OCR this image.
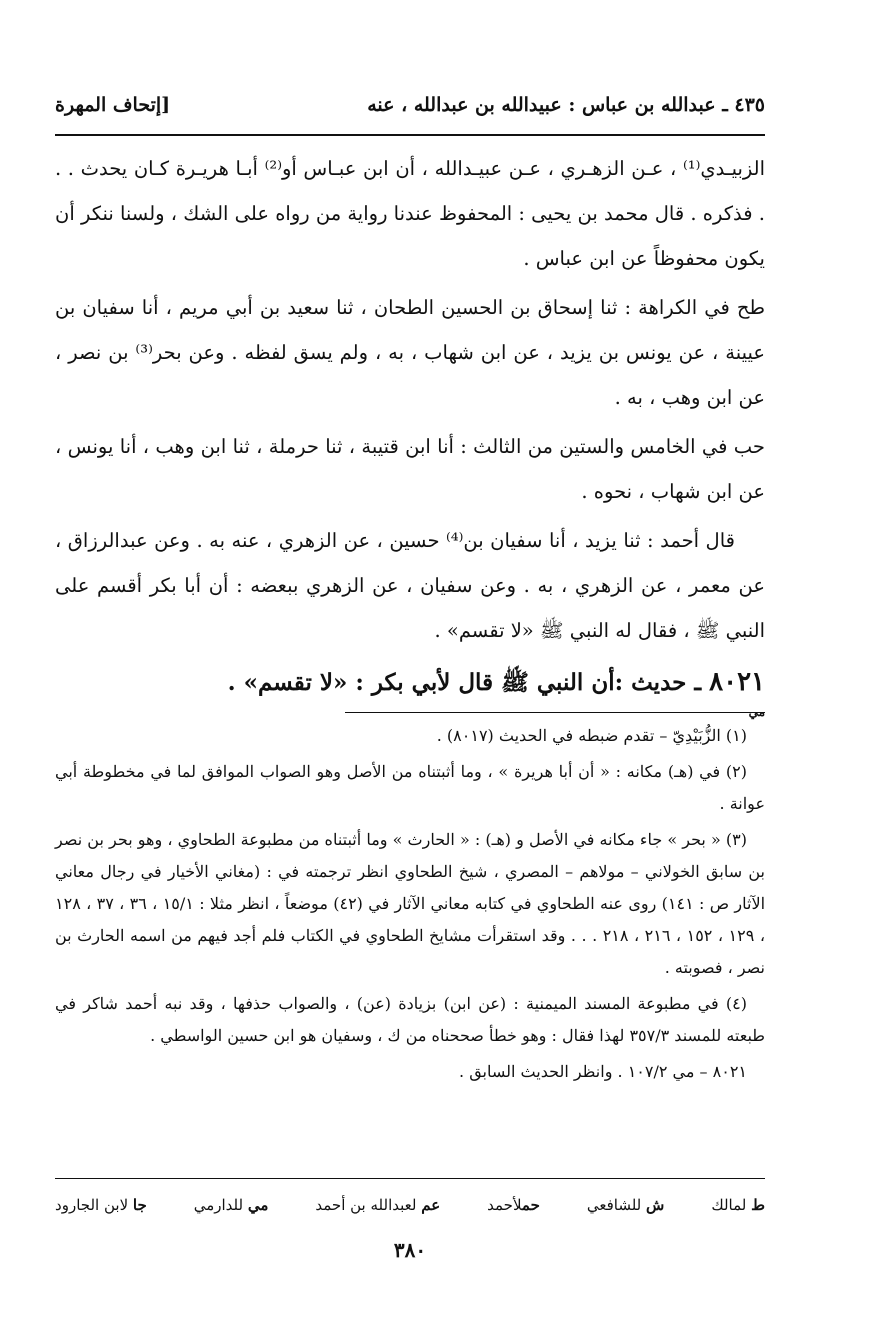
٤٣٥ ـ عبدالله بن عباس : عبيدالله بن عبدالله ، عنه
[إتحاف المهرة

الزبيـدي⁽¹⁾ ، عـن الزهـري ، عـن عبيـدالله ، أن ابن عبـاس أو⁽²⁾ أبـا هريـرة كـان يحدث . . . فذكره . قال محمد بن يحيى : المحفوظ عندنا رواية من رواه على الشك ، ولسنا ننكر أن يكون محفوظاً عن ابن عباس .

طح في الكراهة : ثنا إسحاق بن الحسين الطحان ، ثنا سعيد بن أبي مريم ، أنا سفيان بن عيينة ، عن يونس بن يزيد ، عن ابن شهاب ، به ، ولم يسق لفظه . وعن بحر⁽³⁾ بن نصر ، عن ابن وهب ، به .

حب في الخامس والستين من الثالث : أنا ابن قتيبة ، ثنا حرملة ، ثنا ابن وهب ، أنا يونس ، عن ابن شهاب ، نحوه .

قال أحمد : ثنا يزيد ، أنا سفيان بن⁽⁴⁾ حسين ، عن الزهري ، عنه به . وعن عبدالرزاق ، عن معمر ، عن الزهري ، به . وعن سفيان ، عن الزهري ببعضه : أن أبا بكر أقسم على النبي ﷺ ، فقال له النبي ﷺ «لا تقسم» .

٨٠٢١ ـ حديث :أن النبي ﷺ قال لأبي بكر : «لا تقسم» .
مي

(١) الزُّبَيْدِيّ – تقدم ضبطه في الحديث (٨٠١٧) .

(٢) في (هـ) مكانه : « أن أبا هريرة » ، وما أثبتناه من الأصل وهو الصواب الموافق لما في مخطوطة أبي عوانة .

(٣) « بحر » جاء مكانه في الأصل و (هـ) : « الحارث » وما أثبتناه من مطبوعة الطحاوي ، وهو بحر بن نصر بن سابق الخولاني – مولاهم – المصري ، شيخ الطحاوي انظر ترجمته في : (مغاني الأخيار في رجال معاني الآثار ص : ١٤١) روى عنه الطحاوي في كتابه معاني الآثار في (٤٢) موضعاً ، انظر مثلا : ١٥/١ ، ٣٦ ، ٣٧ ، ١٢٨ ، ١٢٩ ، ١٥٢ ، ٢١٦ ، ٢١٨ . . . وقد استقرأت مشايخ الطحاوي في الكتاب فلم أجد فيهم من اسمه الحارث بن نصر ، فصوبته .

(٤) في مطبوعة المسند الميمنية : (عن ابن) بزيادة (عن) ، والصواب حذفها ، وقد نبه أحمد شاكر في طبعته للمسند ٣٥٧/٣ لهذا فقال : وهو خطأ صححناه من ك ، وسفيان هو ابن حسين الواسطي .

٨٠٢١ – مي ١٠٧/٢ . وانظر الحديث السابق .

ط لمالك
ش للشافعي
حملأحمد
عم لعبدالله بن أحمد
مي للدارمي
جا لابن الجارود
٣٨٠
